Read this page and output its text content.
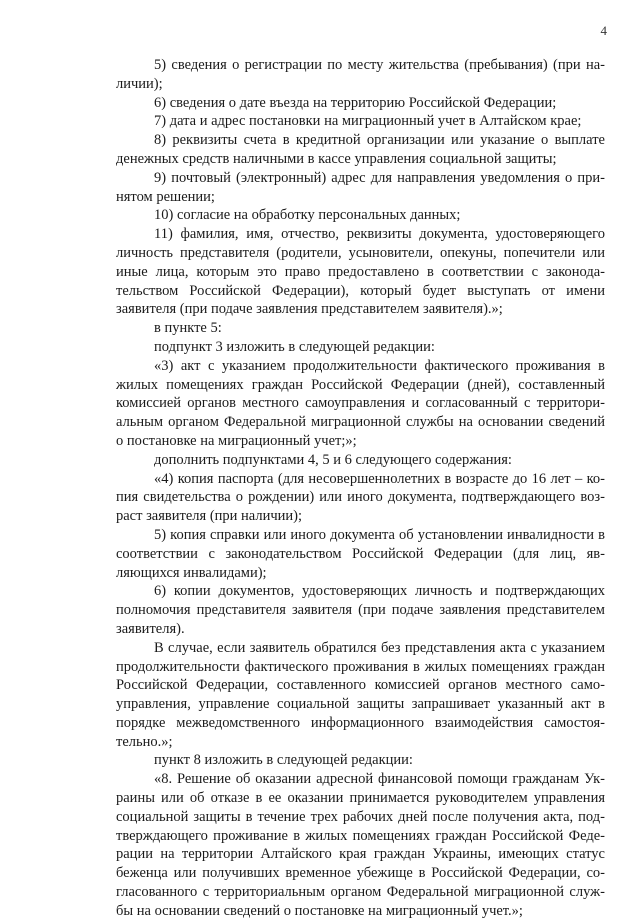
4

5) сведения о регистрации по месту жительства (пребывания) (при наличии);

6) сведения о дате въезда на территорию Российской Федерации;

7) дата и адрес постановки на миграционный учет в Алтайском крае;

8) реквизиты счета в кредитной организации или указание о выплате денежных средств наличными в кассе управления социальной защиты;

9) почтовый (электронный) адрес для направления уведомления о принятом решении;

10) согласие на обработку персональных данных;

11) фамилия, имя, отчество, реквизиты документа, удостоверяющего личность представителя (родители, усыновители, опекуны, попечители или иные лица, которым это право предоставлено в соответствии с законодательством Российской Федерации), который будет выступать от имени заявителя (при подаче заявления представителем заявителя).»;

в пункте 5:

подпункт 3 изложить в следующей редакции:

«3) акт с указанием продолжительности фактического проживания в жилых помещениях граждан Российской Федерации (дней), составленный комиссией органов местного самоуправления и согласованный с территориальным органом Федеральной миграционной службы на основании сведений о постановке на миграционный учет;»;

дополнить подпунктами 4, 5 и 6 следующего содержания:

«4) копия паспорта (для несовершеннолетних в возрасте до 16 лет – копия свидетельства о рождении) или иного документа, подтверждающего возраст заявителя (при наличии);

5) копия справки или иного документа об установлении инвалидности в соответствии с законодательством Российской Федерации (для лиц, являющихся инвалидами);

6) копии документов, удостоверяющих личность и подтверждающих полномочия представителя заявителя (при подаче заявления представителем заявителя).

В случае, если заявитель обратился без представления акта с указанием продолжительности фактического проживания в жилых помещениях граждан Российской Федерации, составленного комиссией органов местного самоуправления, управление социальной защиты запрашивает указанный акт в порядке межведомственного информационного взаимодействия самостоятельно.»;

пункт 8 изложить в следующей редакции:

«8. Решение об оказании адресной финансовой помощи гражданам Украины или об отказе в ее оказании принимается руководителем управления социальной защиты в течение трех рабочих дней после получения акта, подтверждающего проживание в жилых помещениях граждан Российской Федерации на территории Алтайского края граждан Украины, имеющих статус беженца или получивших временное убежище в Российской Федерации, согласованного с территориальным органом Федеральной миграционной службы на основании сведений о постановке на миграционный учет.»;
